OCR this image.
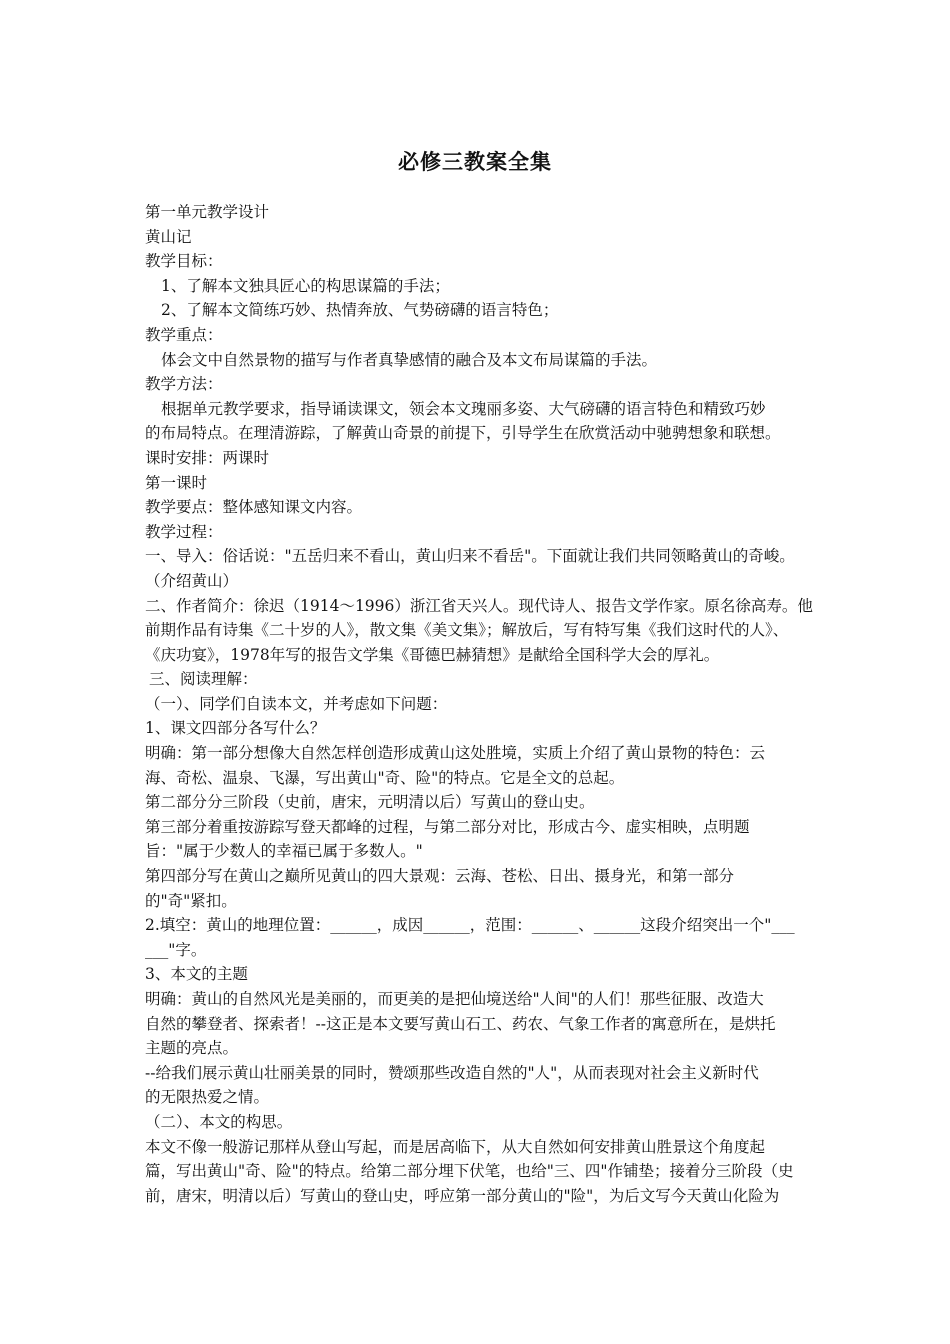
必修三教案全集
第一单元教学设计
黄山记
教学目标：
1、了解本文独具匠心的构思谋篇的手法；
2、了解本文简练巧妙、热情奔放、气势磅礴的语言特色；
教学重点：
体会文中自然景物的描写与作者真挚感情的融合及本文布局谋篇的手法。
教学方法：
根据单元教学要求，指导诵读课文，领会本文瑰丽多姿、大气磅礴的语言特色和精致巧妙
的布局特点。在理清游踪，了解黄山奇景的前提下，引导学生在欣赏活动中驰骋想象和联想。
课时安排：两课时
第一课时
教学要点：整体感知课文内容。
教学过程：
一、导入：俗话说："五岳归来不看山，黄山归来不看岳"。下面就让我们共同领略黄山的奇峻。
（介绍黄山）
二、作者简介：徐迟（1914～1996）浙江省天兴人。现代诗人、报告文学作家。原名徐高寿。他
前期作品有诗集《二十岁的人》，散文集《美文集》；解放后，写有特写集《我们这时代的人》、
《庆功宴》，1978年写的报告文学集《哥德巴赫猜想》是献给全国科学大会的厚礼。
三、阅读理解：
（一）、同学们自读本文，并考虑如下问题：
1、课文四部分各写什么？
明确：第一部分想像大自然怎样创造形成黄山这处胜境，实质上介绍了黄山景物的特色：云
海、奇松、温泉、飞瀑，写出黄山"奇、险"的特点。它是全文的总起。
第二部分分三阶段（史前，唐宋，元明清以后）写黄山的登山史。
第三部分着重按游踪写登天都峰的过程，与第二部分对比，形成古今、虚实相映，点明题
旨："属于少数人的幸福已属于多数人。"
第四部分写在黄山之巅所见黄山的四大景观：云海、苍松、日出、摄身光，和第一部分
的"奇"紧扣。
2.填空：黄山的地理位置：______，成因______，范围：______、______这段介绍突出一个"___
___"字。
3、本文的主题
明确：黄山的自然风光是美丽的，而更美的是把仙境送给"人间"的人们！那些征服、改造大
自然的攀登者、探索者！--这正是本文要写黄山石工、药农、气象工作者的寓意所在，是烘托
主题的亮点。
--给我们展示黄山壮丽美景的同时，赞颂那些改造自然的"人"，从而表现对社会主义新时代
的无限热爱之情。
（二）、本文的构思。
本文不像一般游记那样从登山写起，而是居高临下，从大自然如何安排黄山胜景这个角度起
篇，写出黄山"奇、险"的特点。给第二部分埋下伏笔，也给"三、四"作铺垫；接着分三阶段（史
前，唐宋，明清以后）写黄山的登山史，呼应第一部分黄山的"险"，为后文写今天黄山化险为
